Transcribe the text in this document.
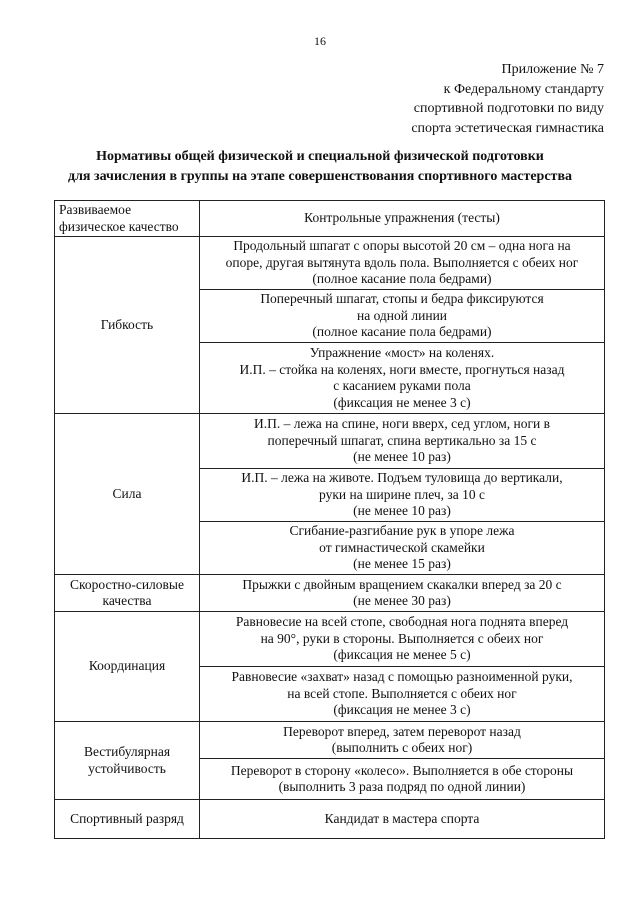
16
Приложение № 7
к Федеральному стандарту
спортивной подготовки по виду
спорта эстетическая гимнастика
Нормативы общей физической и специальной физической подготовки
для зачисления в группы на этапе совершенствования спортивного мастерства
Развиваемое
физическое качество	Контрольные упражнения (тесты)

Гибкость	Продольный шпагат с опоры высотой 20 см – одна нога на
опоре, другая вытянута вдоль пола. Выполняется с обеих ног
(полное касание пола бедрами)

	Поперечный шпагат, стопы и бедра фиксируются
на одной линии
(полное касание пола бедрами)

	Упражнение «мост» на коленях.
И.П. – стойка на коленях, ноги вместе, прогнуться назад
с касанием руками пола
(фиксация не менее 3 с)

Сила	И.П. – лежа на спине, ноги вверх, сед углом, ноги в
поперечный шпагат, спина вертикально за 15 с
(не менее 10 раз)

	И.П. – лежа на животе. Подъем туловища до вертикали,
руки на ширине плеч, за 10 с
(не менее 10 раз)

	Сгибание-разгибание рук в упоре лежа
от гимнастической скамейки
(не менее 15 раз)

Скоростно-силовые
качества	Прыжки с двойным вращением скакалки вперед за 20 с
(не менее 30 раз)

Координация	Равновесие на всей стопе, свободная нога поднята вперед
на 90°, руки в стороны. Выполняется с обеих ног
(фиксация не менее 5 с)

	Равновесие «захват» назад с помощью разноименной руки,
на всей стопе. Выполняется с обеих ног
(фиксация не менее 3 с)

Вестибулярная
устойчивость	Переворот вперед, затем переворот назад
(выполнить с обеих ног)

	Переворот в сторону «колесо». Выполняется в обе стороны
(выполнить 3 раза подряд по одной линии)

Спортивный разряд	Кандидат в мастера спорта
